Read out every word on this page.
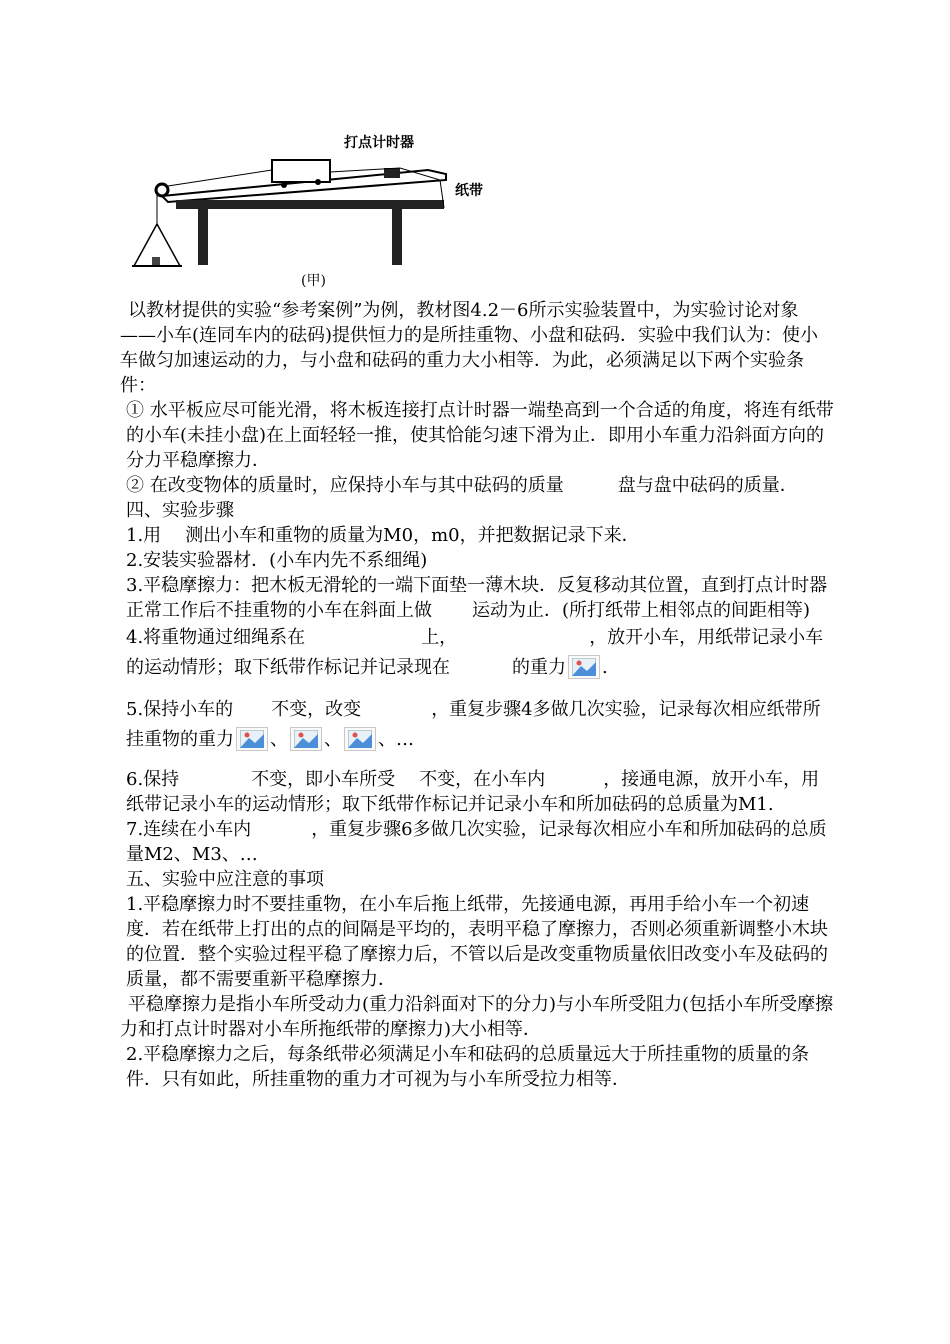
打点计时器
纸带
(甲)

以教材提供的实验“参考案例”为例，教材图4.2－6所示实验装置中，为实验讨论对象——小车(连同车内的砝码)提供恒力的是所挂重物、小盘和砝码．实验中我们认为：使小车做匀加速运动的力，与小盘和砝码的重力大小相等．为此，必须满足以下两个实验条件：

① 水平板应尽可能光滑，将木板连接打点计时器一端垫高到一个合适的角度，将连有纸带的小车(未挂小盘)在上面轻轻一推，使其恰能匀速下滑为止．即用小车重力沿斜面方向的分力平稳摩擦力．

② 在改变物体的质量时，应保持小车与其中砝码的质量	盘与盘中砝码的质量．

四、实验步骤

1.用 测出小车和重物的质量为M0，m0，并把数据记录下来．

2.安装实验器材．(小车内先不系细绳)

3.平稳摩擦力：把木板无滑轮的一端下面垫一薄木块．反复移动其位置，直到打点计时器正常工作后不挂重物的小车在斜面上做 运动为止．(所打纸带上相邻点的间距相等)

4.将重物通过细绳系在	上，	，放开小车，用纸带记录小车的运动情形；取下纸带作标记并记录现在	的重力 .

5.保持小车的 不变，改变	，重复步骤4多做几次实验，记录每次相应纸带所挂重物的重力 、 、 、…

6.保持	不变，即小车所受 不变，在小车内	，接通电源，放开小车，用纸带记录小车的运动情形；取下纸带作标记并记录小车和所加砝码的总质量为M1.

7.连续在小车内	，重复步骤6多做几次实验，记录每次相应小车和所加砝码的总质量M2、M3、…

五、实验中应注意的事项

1.平稳摩擦力时不要挂重物，在小车后拖上纸带，先接通电源，再用手给小车一个初速度．若在纸带上打出的点的间隔是平均的，表明平稳了摩擦力，否则必须重新调整小木块的位置．整个实验过程平稳了摩擦力后，不管以后是改变重物质量依旧改变小车及砝码的质量，都不需要重新平稳摩擦力．

平稳摩擦力是指小车所受动力(重力沿斜面对下的分力)与小车所受阻力(包括小车所受摩擦力和打点计时器对小车所拖纸带的摩擦力)大小相等．

2.平稳摩擦力之后，每条纸带必须满足小车和砝码的总质量远大于所挂重物的质量的条件．只有如此，所挂重物的重力才可视为与小车所受拉力相等．
